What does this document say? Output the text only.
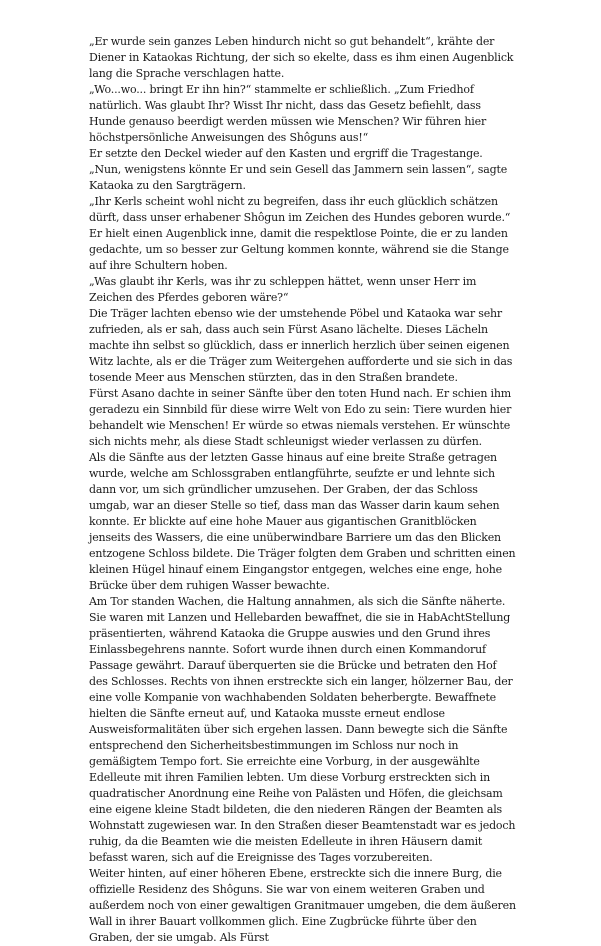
„Er wurde sein ganzes Leben hindurch nicht so gut behandelt“, krähte der Diener in Kataokas Richtung, der sich so ekelte, dass es ihm einen Augenblick lang die Sprache verschlagen hatte.

„Wo...wo... bringt Er ihn hin?“ stammelte er schließlich. „Zum Friedhof natürlich. Was glaubt Ihr? Wisst Ihr nicht, dass das Gesetz befiehlt, dass Hunde genauso beerdigt werden müssen wie Menschen? Wir führen hier höchstpersönliche Anweisungen des Shôguns aus!“

Er setzte den Deckel wieder auf den Kasten und ergriff die Tragestange.

„Nun, wenigstens könnte Er und sein Gesell das Jammern sein lassen“, sagte Kataoka zu den Sargträgern.

„Ihr Kerls scheint wohl nicht zu begreifen, dass ihr euch glücklich schätzen dürft, dass unser erhabener Shôgun im Zeichen des Hundes geboren wurde.“

Er hielt einen Augenblick inne, damit die respektlose Pointe, die er zu landen gedachte, um so besser zur Geltung kommen konnte, während sie die Stange auf ihre Schultern hoben.

„Was glaubt ihr Kerls, was ihr zu schleppen hättet, wenn unser Herr im Zeichen des Pferdes geboren wäre?“

Die Träger lachten ebenso wie der umstehende Pöbel und Kataoka war sehr zufrieden, als er sah, dass auch sein Fürst Asano lächelte. Dieses Lächeln machte ihn selbst so glücklich, dass er innerlich herzlich über seinen eigenen Witz lachte, als er die Träger zum Weitergehen aufforderte und sie sich in das tosende Meer aus Menschen stürzten, das in den Straßen brandete.

Fürst Asano dachte in seiner Sänfte über den toten Hund nach. Er schien ihm geradezu ein Sinnbild für diese wirre Welt von Edo zu sein: Tiere wurden hier behandelt wie Menschen! Er würde so etwas niemals verstehen. Er wünschte sich nichts mehr, als diese Stadt schleunigst wieder verlassen zu dürfen.

Als die Sänfte aus der letzten Gasse hinaus auf eine breite Straße getragen wurde, welche am Schlossgraben entlangführte, seufzte er und lehnte sich dann vor, um sich gründlicher umzusehen. Der Graben, der das Schloss umgab, war an dieser Stelle so tief, dass man das Wasser darin kaum sehen konnte. Er blickte auf eine hohe Mauer aus gigantischen Granitblöcken jenseits des Wassers, die eine unüberwindbare Barriere um das den Blicken entzogene Schloss bildete. Die Träger folgten dem Graben und schritten einen kleinen Hügel hinauf einem Eingangstor entgegen, welches eine enge, hohe Brücke über dem ruhigen Wasser bewachte.

Am Tor standen Wachen, die Haltung annahmen, als sich die Sänfte näherte. Sie waren mit Lanzen und Hellebarden bewaffnet, die sie in HabAchtStellung präsentierten, während Kataoka die Gruppe auswies und den Grund ihres Einlassbegehrens nannte. Sofort wurde ihnen durch einen Kommandoruf Passage gewährt. Darauf überquerten sie die Brücke und betraten den Hof des Schlosses. Rechts von ihnen erstreckte sich ein langer, hölzerner Bau, der eine volle Kompanie von wachhabenden Soldaten beherbergte. Bewaffnete hielten die Sänfte erneut auf, und Kataoka musste erneut endlose Ausweisformalitäten über sich ergehen lassen. Dann bewegte sich die Sänfte entsprechend den Sicherheitsbestimmungen im Schloss nur noch in gemäßigtem Tempo fort. Sie erreichte eine Vorburg, in der ausgewählte Edelleute mit ihren Familien lebten. Um diese Vorburg erstreckten sich in quadratischer Anordnung eine Reihe von Palästen und Höfen, die gleichsam eine eigene kleine Stadt bildeten, die den niederen Rängen der Beamten als Wohnstatt zugewiesen war. In den Straßen dieser Beamtenstadt war es jedoch ruhig, da die Beamten wie die meisten Edelleute in ihren Häusern damit befasst waren, sich auf die Ereignisse des Tages vorzubereiten.

Weiter hinten, auf einer höheren Ebene, erstreckte sich die innere Burg, die offizielle Residenz des Shôguns. Sie war von einem weiteren Graben und außerdem noch von einer gewaltigen Granitmauer umgeben, die dem äußeren Wall in ihrer Bauart vollkommen glich. Eine Zugbrücke führte über den Graben, der sie umgab. Als Fürst
